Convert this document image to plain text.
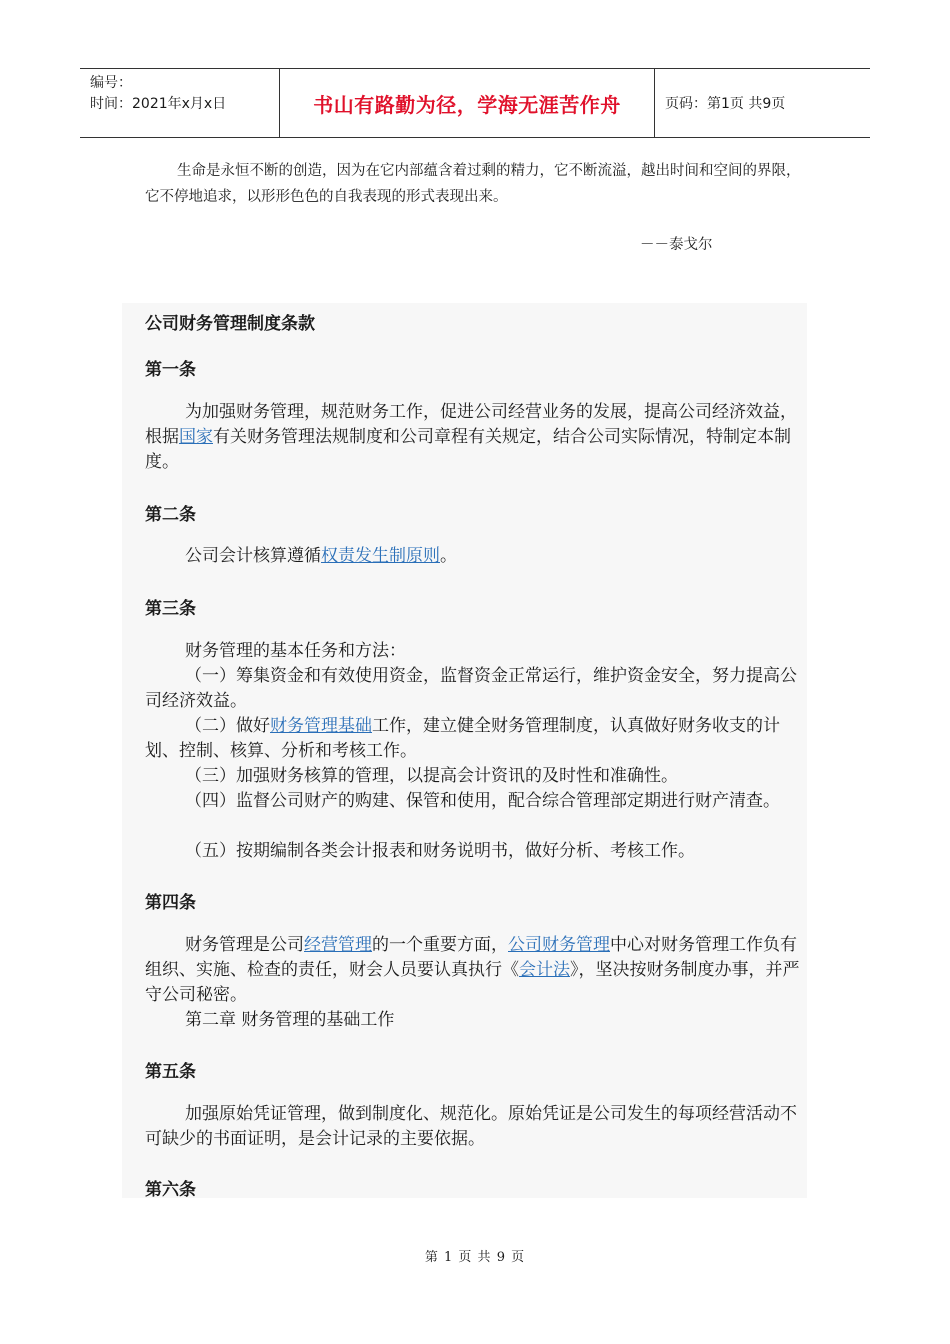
编号：
时间：2021年x月x日	书山有路勤为径，学海无涯苦作舟	页码：第1页 共9页
生命是永恒不断的创造，因为在它内部蕴含着过剩的精力，它不断流溢，越出时间和空间的界限，它不停地追求，以形形色色的自我表现的形式表现出来。
－－泰戈尔
公司财务管理制度条款
第一条
为加强财务管理，规范财务工作，促进公司经营业务的发展，提高公司经济效益，根据国家有关财务管理法规制度和公司章程有关规定，结合公司实际情况，特制定本制度。
第二条
公司会计核算遵循权责发生制原则。
第三条
财务管理的基本任务和方法：
（一）筹集资金和有效使用资金，监督资金正常运行，维护资金安全，努力提高公司经济效益。
（二）做好财务管理基础工作，建立健全财务管理制度，认真做好财务收支的计划、控制、核算、分析和考核工作。
（三）加强财务核算的管理，以提高会计资讯的及时性和准确性。
（四）监督公司财产的购建、保管和使用，配合综合管理部定期进行财产清查。
（五）按期编制各类会计报表和财务说明书，做好分析、考核工作。
第四条
财务管理是公司经营管理的一个重要方面，公司财务管理中心对财务管理工作负有组织、实施、检查的责任，财会人员要认真执行《会计法》，坚决按财务制度办事，并严守公司秘密。
第二章 财务管理的基础工作
第五条
加强原始凭证管理，做到制度化、规范化。原始凭证是公司发生的每项经营活动不可缺少的书面证明，是会计记录的主要依据。
第六条
第 1 页 共 9 页
